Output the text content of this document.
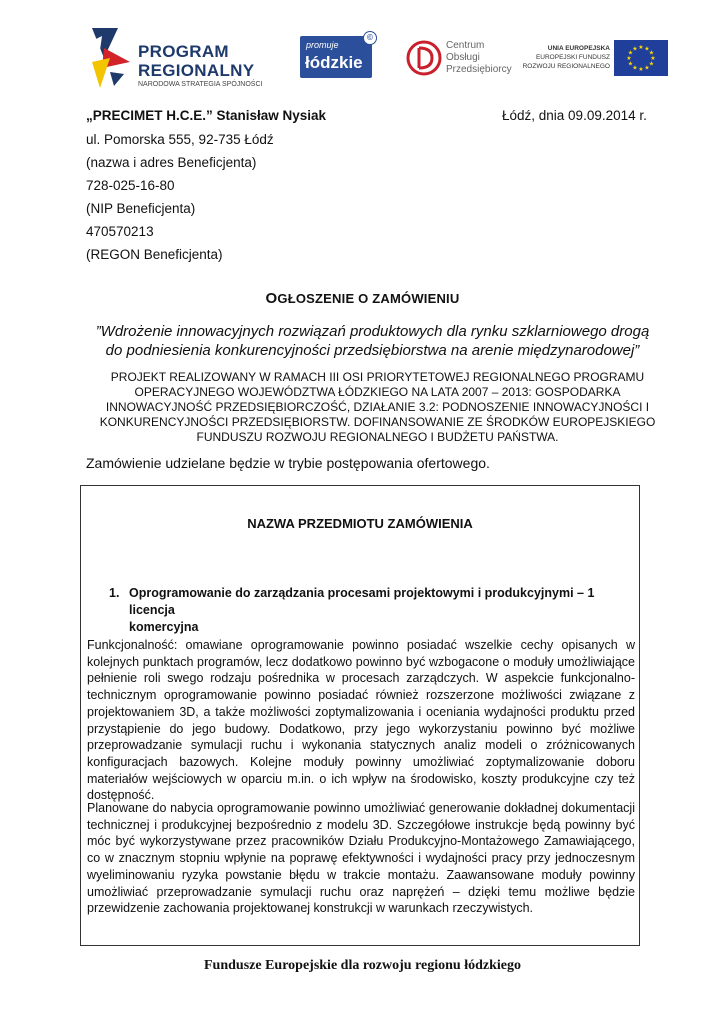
PROGRAM
REGIONALNY
NARODOWA STRATEGIA SPÓJNOŚCI
promuje
łódzkie
©
Centrum
Obsługi
Przedsiębiorcy
UNIA EUROPEJSKA
EUROPEJSKI FUNDUSZ
ROZWOJU REGIONALNEGO
★ ★
★
★
★
★
★
★
★
★
★
★
„PRECIMET H.C.E.” Stanisław Nysiak	Łódź, dnia 09.09.2014 r.
ul. Pomorska 555, 92-735 Łódź
(nazwa i adres Beneficjenta)
728-025-16-80
(NIP Beneficjenta)
470570213
(REGON Beneficjenta)
OGŁOSZENIE O ZAMÓWIENIU
”Wdrożenie innowacyjnych rozwiązań produktowych dla rynku szklarniowego drogą
do podniesienia konkurencyjności przedsiębiorstwa na arenie międzynarodowej”
PROJEKT REALIZOWANY W RAMACH III OSI PRIORYTETOWEJ REGIONALNEGO PROGRAMU
OPERACYJNEGO WOJEWÓDZTWA ŁÓDZKIEGO NA LATA 2007 – 2013: GOSPODARKA
INNOWACYJNOŚĆ PRZEDSIĘBIORCZOŚĆ, DZIAŁANIE 3.2: PODNOSZENIE INNOWACYJNOŚCI I
KONKURENCYJNOŚCI PRZEDSIĘBIORSTW. DOFINANSOWANIE ZE ŚRODKÓW EUROPEJSKIEGO
FUNDUSZU ROZWOJU REGIONALNEGO I BUDŻETU PAŃSTWA.
Zamówienie udzielane będzie w trybie postępowania ofertowego.
NAZWA PRZEDMIOTU ZAMÓWIENIA
1. Oprogramowanie do zarządzania procesami projektowymi i produkcyjnymi – 1 licencja
komercyjna
Funkcjonalność: omawiane oprogramowanie powinno posiadać wszelkie cechy opisanych w kolejnych punktach programów, lecz dodatkowo powinno być wzbogacone o moduły umożliwiające pełnienie roli swego rodzaju pośrednika w procesach zarządczych. W aspekcie funkcjonalno-technicznym oprogramowanie powinno posiadać również rozszerzone możliwości związane z projektowaniem 3D, a także możliwości zoptymalizowania i oceniania wydajności produktu przed przystąpienie do jego budowy. Dodatkowo, przy jego wykorzystaniu powinno być możliwe przeprowadzanie symulacji ruchu i wykonania statycznych analiz modeli o zróżnicowanych konfiguracjach bazowych. Kolejne moduły powinny umożliwiać zoptymalizowanie doboru materiałów wejściowych w oparciu m.in. o ich wpływ na środowisko, koszty produkcyjne czy też dostępność.
Planowane do nabycia oprogramowanie powinno umożliwiać generowanie dokładnej dokumentacji technicznej i produkcyjnej bezpośrednio z modelu 3D. Szczegółowe instrukcje będą powinny być móc być wykorzystywane przez pracowników Działu Produkcyjno-Montażowego Zamawiającego, co w znacznym stopniu wpłynie na poprawę efektywności i wydajności pracy przy jednoczesnym wyeliminowaniu ryzyka powstanie błędu w trakcie montażu. Zaawansowane moduły powinny umożliwiać przeprowadzanie symulacji ruchu oraz naprężeń – dzięki temu możliwe będzie przewidzenie zachowania projektowanej konstrukcji w warunkach rzeczywistych.
Fundusze Europejskie dla rozwoju regionu łódzkiego
